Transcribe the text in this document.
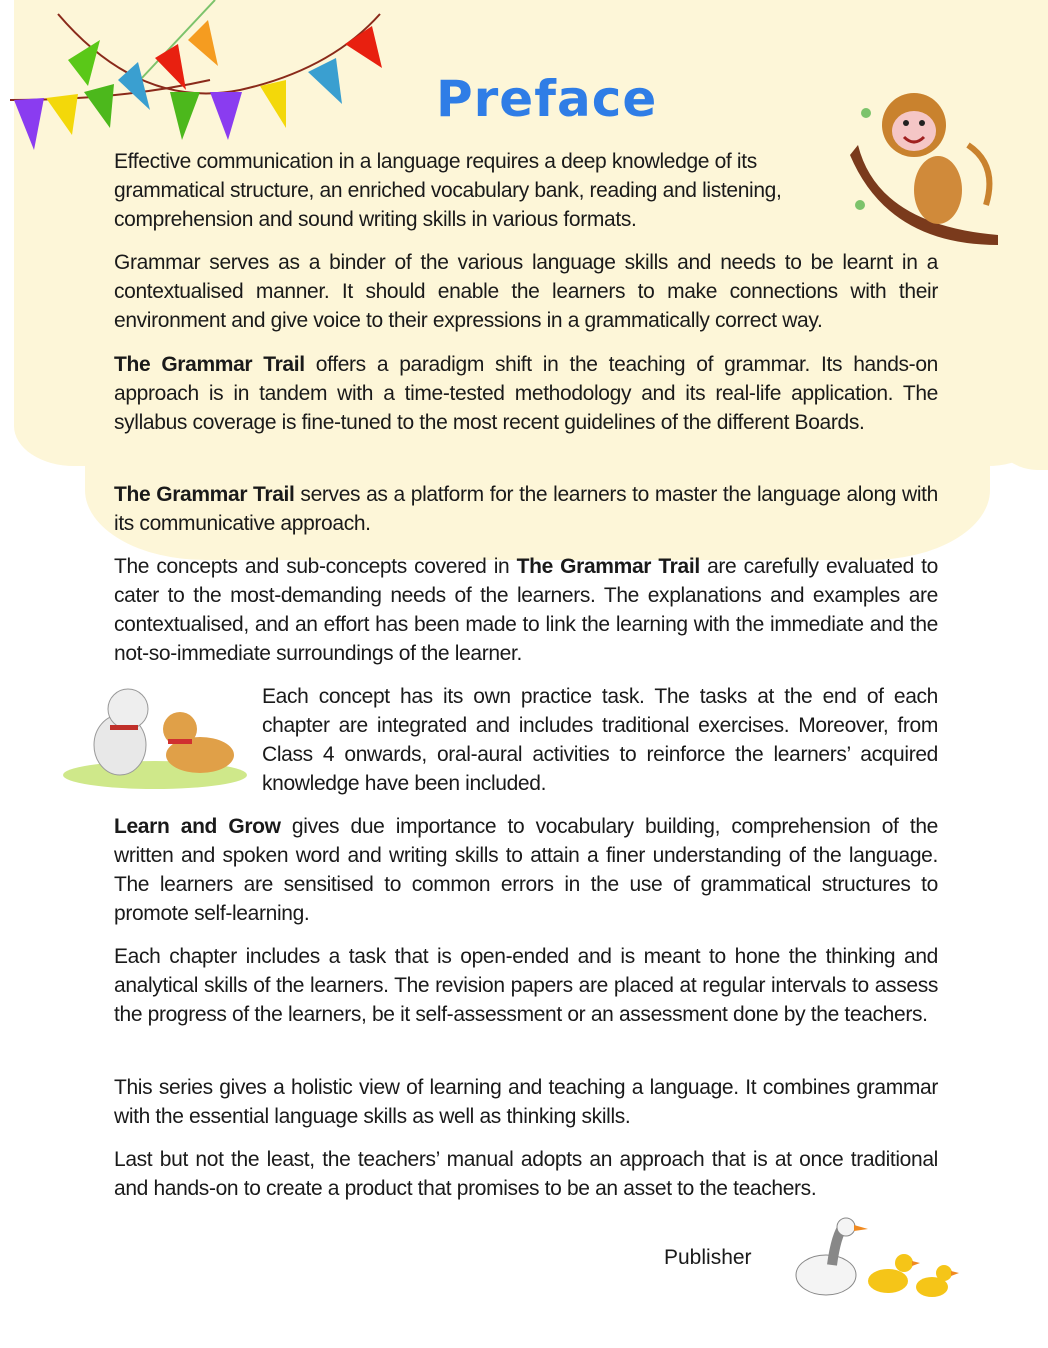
Preface

Effective communication in a language requires a deep knowledge of its grammatical structure, an enriched vocabulary bank, reading and listening, comprehension and sound writing skills in various formats.

Grammar serves as a binder of the various language skills and needs to be learnt in a contextualised manner. It should enable the learners to make connections with their environment and give voice to their expressions in a grammatically correct way.

The Grammar Trail offers a paradigm shift in the teaching of grammar. Its hands-on approach is in tandem with a time-tested methodology and its real-life application. The syllabus coverage is fine-tuned to the most recent guidelines of the different Boards.

The Grammar Trail serves as a platform for the learners to master the language along with its communicative approach.

The concepts and sub-concepts covered in The Grammar Trail are carefully evaluated to cater to the most-demanding needs of the learners. The explanations and examples are contextualised, and an effort has been made to link the learning with the immediate and the not-so-immediate surroundings of the learner.

Each concept has its own practice task. The tasks at the end of each chapter are integrated and includes traditional exercises. Moreover, from Class 4 onwards, oral-aural activities to reinforce the learners’ acquired knowledge have been included.

Learn and Grow gives due importance to vocabulary building, comprehension of the written and spoken word and writing skills to attain a finer understanding of the language. The learners are sensitised to common errors in the use of grammatical structures to promote self-learning.

Each chapter includes a task that is open-ended and is meant to hone the thinking and analytical skills of the learners. The revision papers are placed at regular intervals to assess the progress of the learners, be it self-assessment or an assessment done by the teachers.

This series gives a holistic view of learning and teaching a language. It combines grammar with the essential language skills as well as thinking skills.

Last but not the least, the teachers’ manual adopts an approach that is at once traditional and hands-on to create a product that promises to be an asset to the teachers.

Publisher
